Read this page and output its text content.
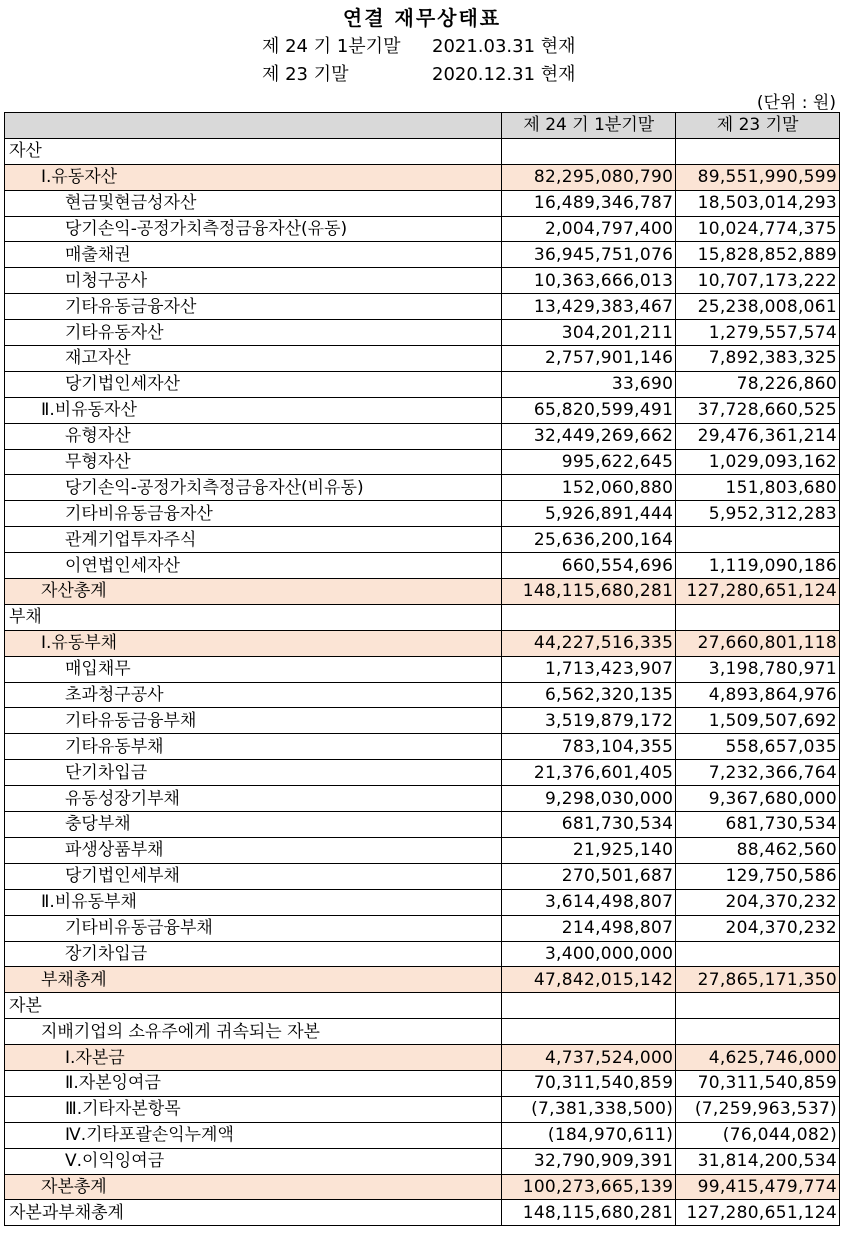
연결 재무상태표
제 24 기 1분기말 2021.03.31 현재
제 23 기말	2020.12.31 현재
(단위 : 원)
	제 24 기 1분기말	제 23 기말
자산		
Ⅰ.유동자산	82,295,080,790	89,551,990,599
현금및현금성자산	16,489,346,787	18,503,014,293
당기손익-공정가치측정금융자산(유동)	2,004,797,400	10,024,774,375
매출채권	36,945,751,076	15,828,852,889
미청구공사	10,363,666,013	10,707,173,222
기타유동금융자산	13,429,383,467	25,238,008,061
기타유동자산	304,201,211	1,279,557,574
재고자산	2,757,901,146	7,892,383,325
당기법인세자산	33,690	78,226,860
Ⅱ.비유동자산	65,820,599,491	37,728,660,525
유형자산	32,449,269,662	29,476,361,214
무형자산	995,622,645	1,029,093,162
당기손익-공정가치측정금융자산(비유동)	152,060,880	151,803,680
기타비유동금융자산	5,926,891,444	5,952,312,283
관계기업투자주식	25,636,200,164	
이연법인세자산	660,554,696	1,119,090,186
자산총계	148,115,680,281	127,280,651,124
부채		
Ⅰ.유동부채	44,227,516,335	27,660,801,118
매입채무	1,713,423,907	3,198,780,971
초과청구공사	6,562,320,135	4,893,864,976
기타유동금융부채	3,519,879,172	1,509,507,692
기타유동부채	783,104,355	558,657,035
단기차입금	21,376,601,405	7,232,366,764
유동성장기부채	9,298,030,000	9,367,680,000
충당부채	681,730,534	681,730,534
파생상품부채	21,925,140	88,462,560
당기법인세부채	270,501,687	129,750,586
Ⅱ.비유동부채	3,614,498,807	204,370,232
기타비유동금융부채	214,498,807	204,370,232
장기차입금	3,400,000,000	
부채총계	47,842,015,142	27,865,171,350
자본		
지배기업의 소유주에게 귀속되는 자본		
Ⅰ.자본금	4,737,524,000	4,625,746,000
Ⅱ.자본잉여금	70,311,540,859	70,311,540,859
Ⅲ.기타자본항목	(7,381,338,500)	(7,259,963,537)
Ⅳ.기타포괄손익누계액	(184,970,611)	(76,044,082)
Ⅴ.이익잉여금	32,790,909,391	31,814,200,534
자본총계	100,273,665,139	99,415,479,774
자본과부채총계	148,115,680,281	127,280,651,124
